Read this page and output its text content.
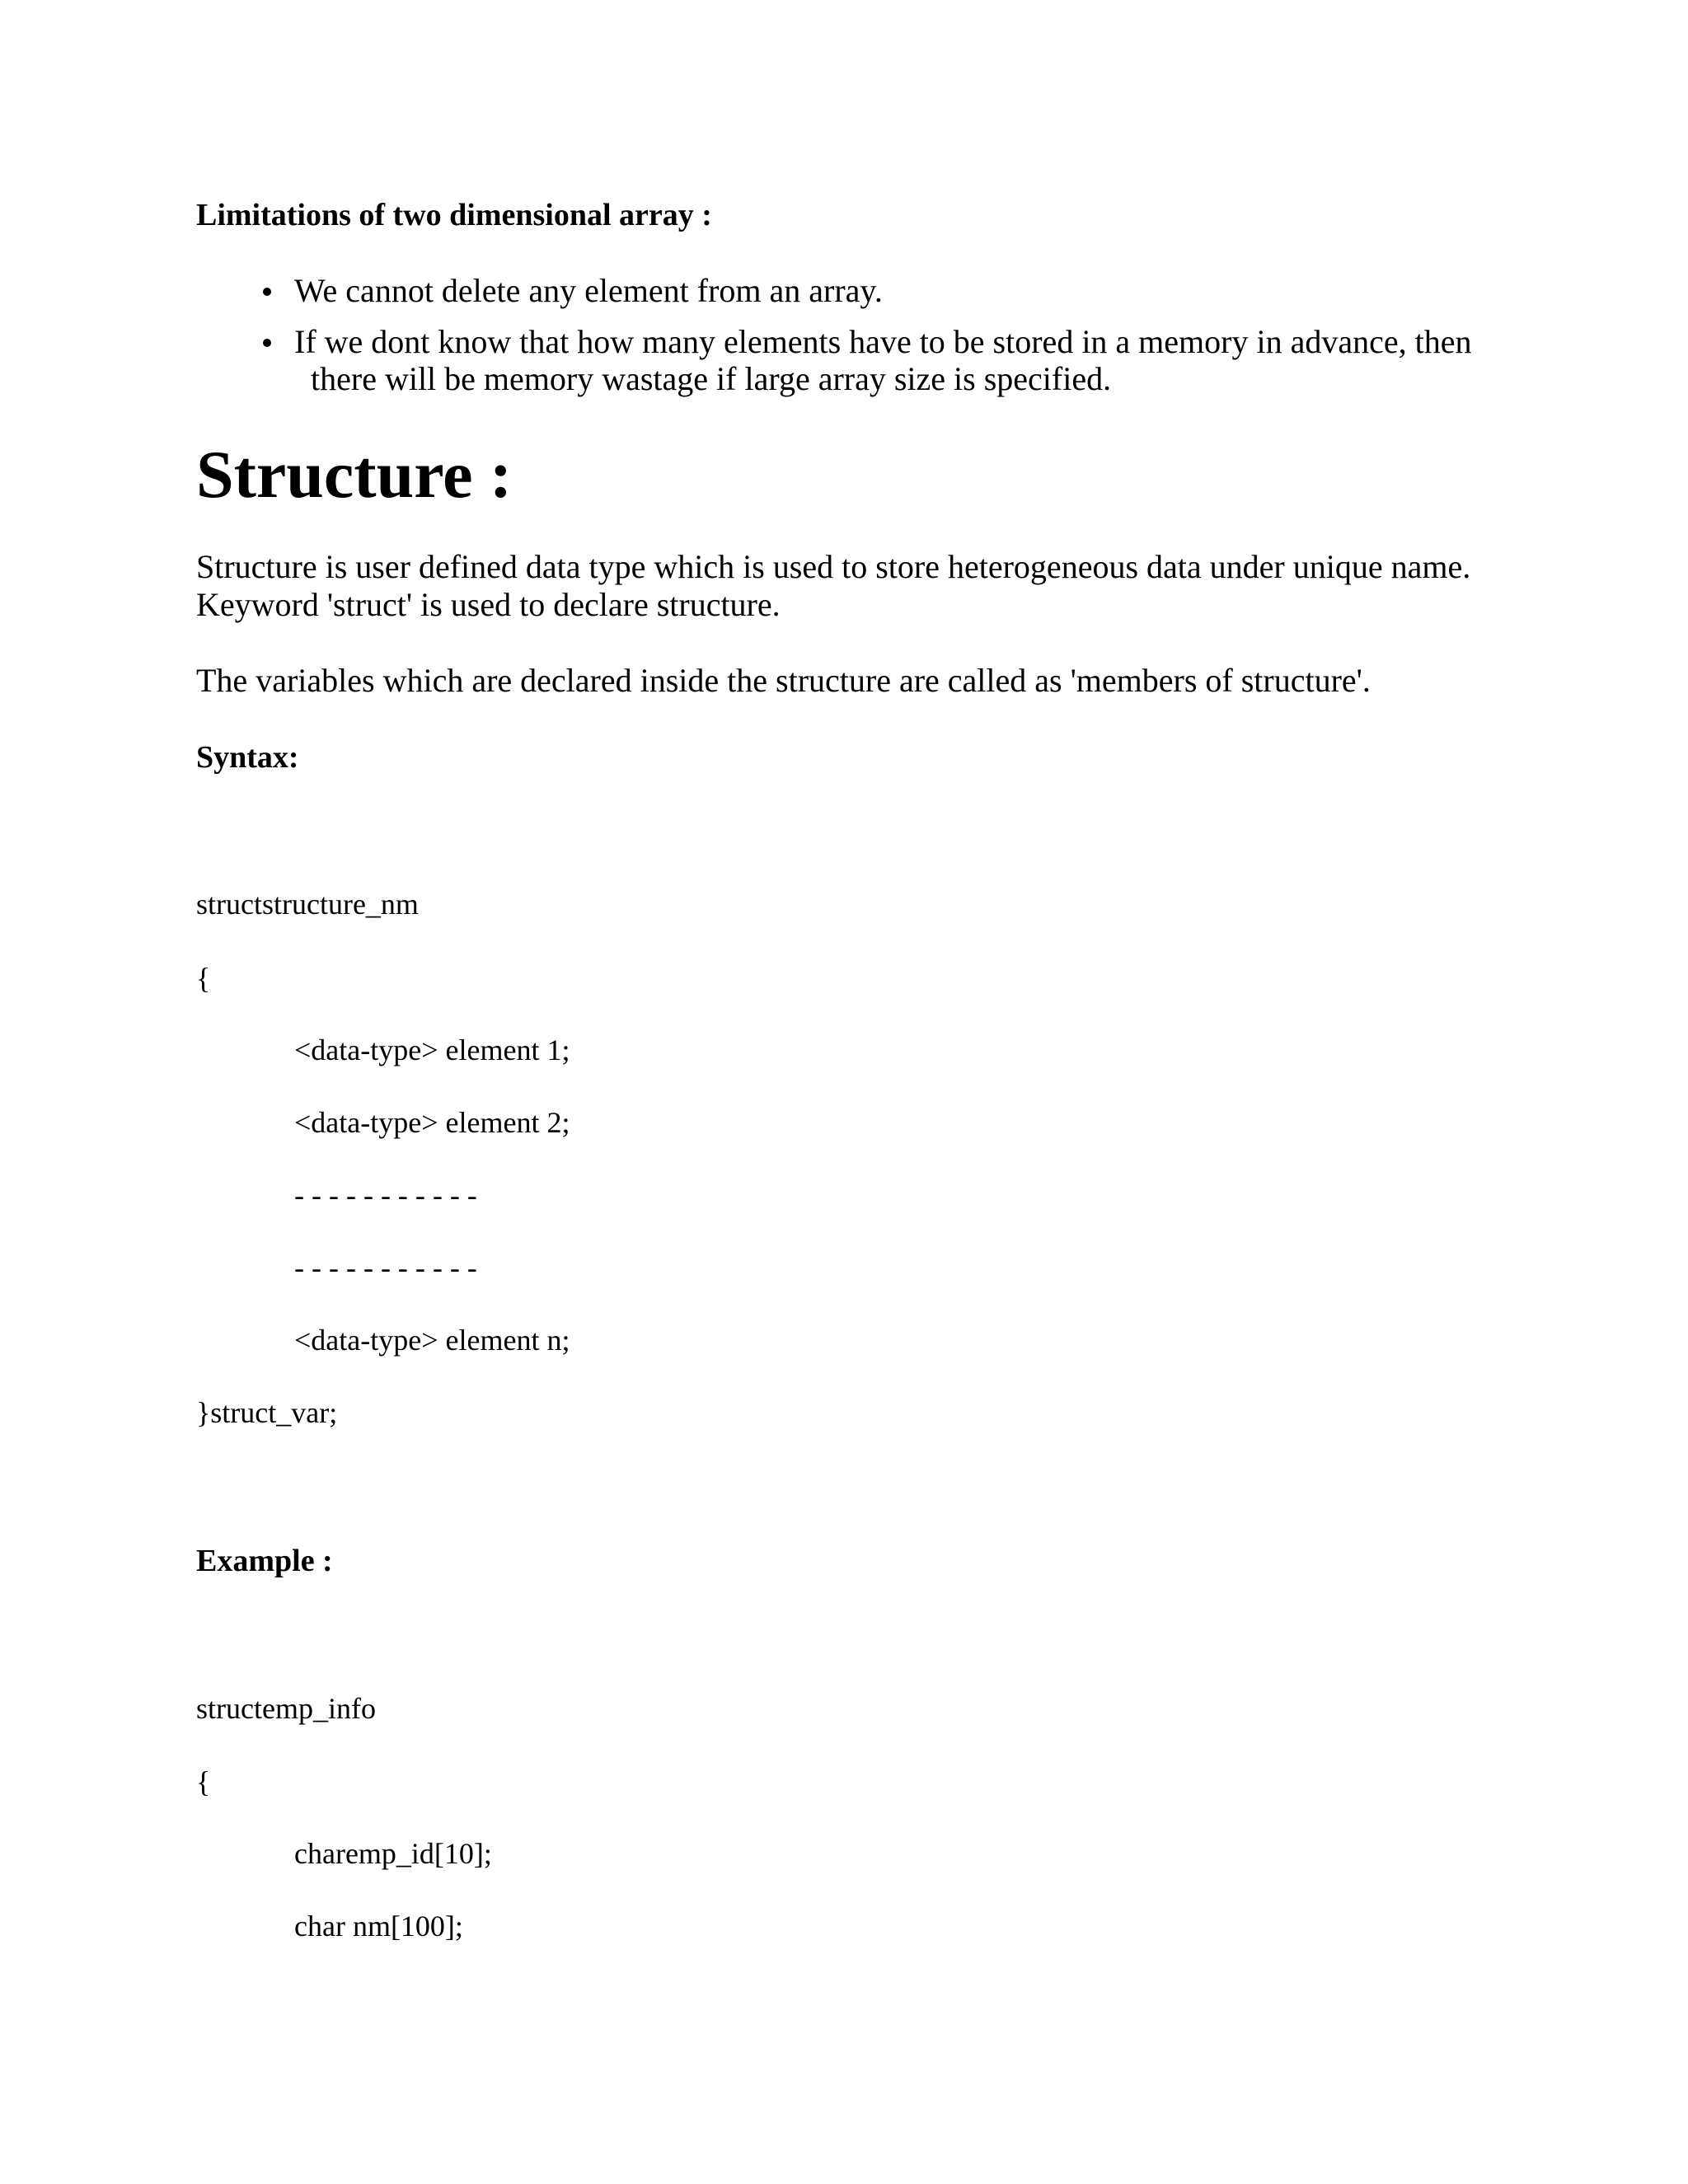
Limitations of two dimensional array :

We cannot delete any element from an array.

If we dont know that how many elements have to be stored in a memory in advance, then

there will be memory wastage if large array size is specified.

Structure :

Structure is user defined data type which is used to store heterogeneous data under unique name.

Keyword 'struct' is used to declare structure.

The variables which are declared inside the structure are called as 'members of structure'.

Syntax:

structstructure_nm

{

<data-type> element 1;

<data-type> element 2;

- - - - - - - - - - -

- - - - - - - - - - -

<data-type> element n;

}struct_var;

Example :

structemp_info

{

charemp_id[10];

char nm[100];
